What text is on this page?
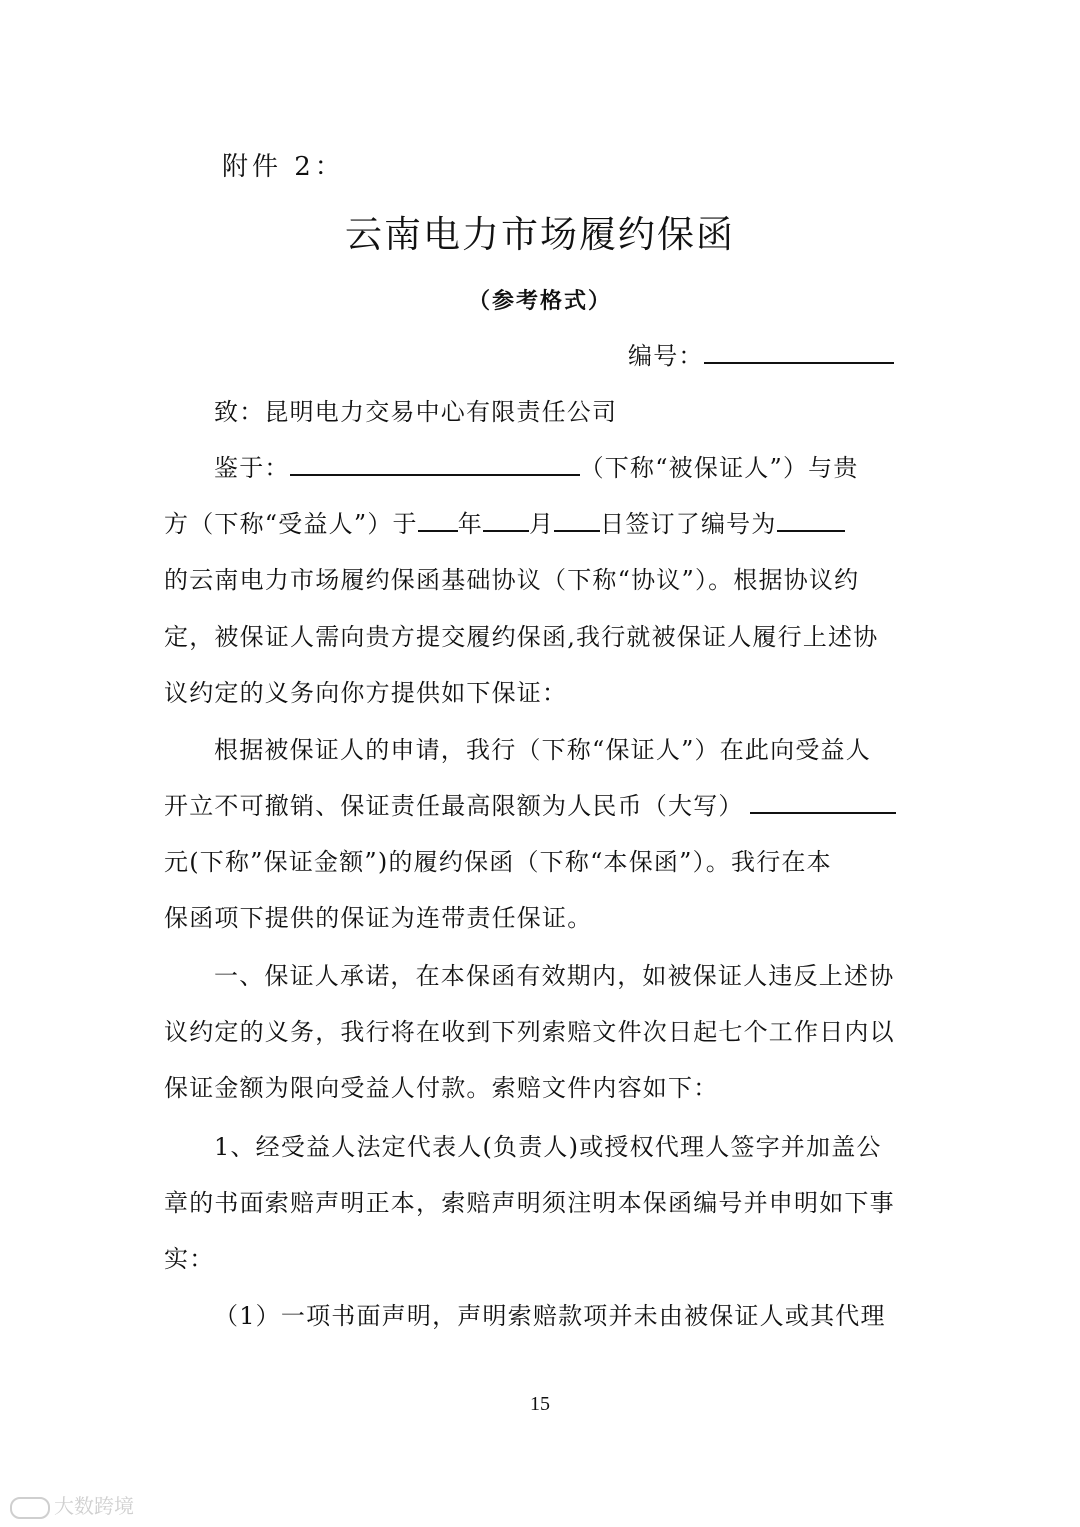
附件 2：
云南电力市场履约保函
（参考格式）
编号：
致：昆明电力交易中心有限责任公司
鉴于：	（下称“被保证人”）与贵
方（下称“受益人”）于 年 月 日签订了编号为
的云南电力市场履约保函基础协议（下称“协议”）。根据协议约
定，被保证人需向贵方提交履约保函,我行就被保证人履行上述协
议约定的义务向你方提供如下保证：
根据被保证人的申请，我行（下称“保证人”）在此向受益人
开立不可撤销、保证责任最高限额为人民币（大写）
元(下称”保证金额”)的履约保函（下称“本保函”）。我行在本
保函项下提供的保证为连带责任保证。
一、保证人承诺，在本保函有效期内，如被保证人违反上述协
议约定的义务，我行将在收到下列索赔文件次日起七个工作日内以
保证金额为限向受益人付款。索赔文件内容如下：
1、经受益人法定代表人(负责人)或授权代理人签字并加盖公
章的书面索赔声明正本，索赔声明须注明本保函编号并申明如下事
实：
（1）一项书面声明，声明索赔款项并未由被保证人或其代理
15
大数跨境
